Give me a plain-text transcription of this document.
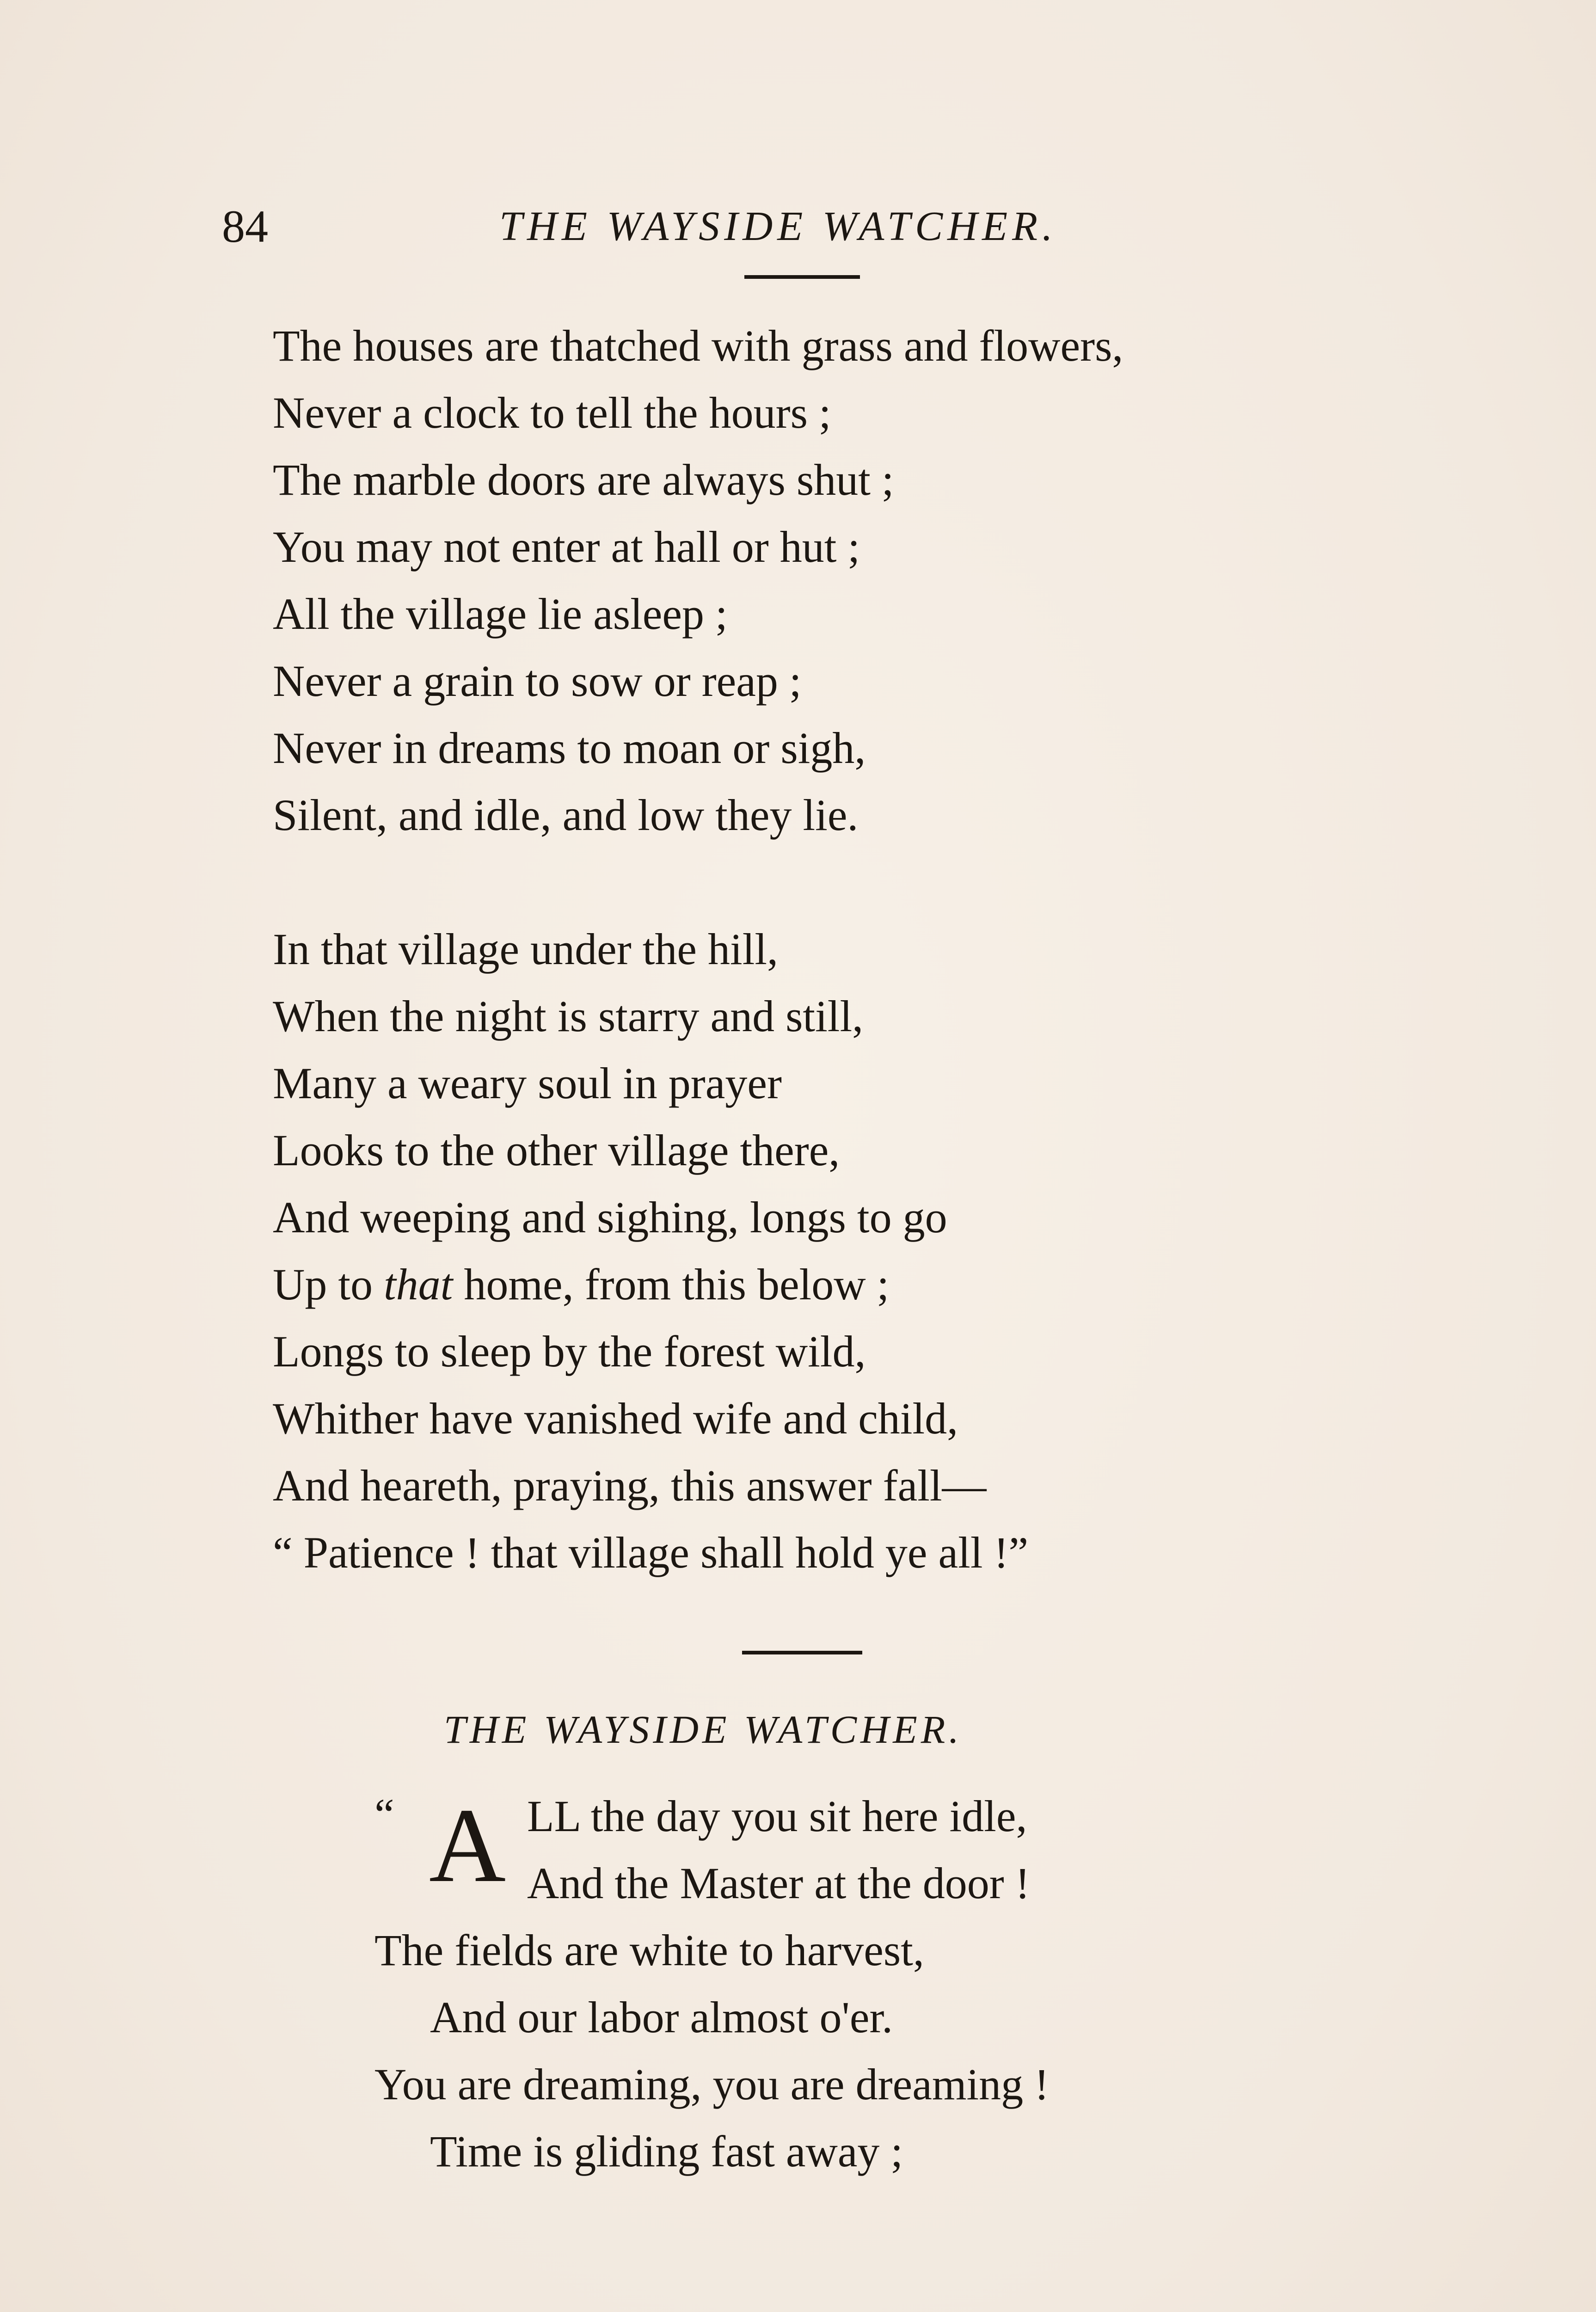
84	THE WAYSIDE WATCHER.
The houses are thatched with grass and flowers,
Never a clock to tell the hours ;
The marble doors are always shut ;
You may not enter at hall or hut ;
All the village lie asleep ;
Never a grain to sow or reap ;
Never in dreams to moan or sigh,
Silent, and idle, and low they lie.
In that village under the hill,
When the night is starry and still,
Many a weary soul in prayer
Looks to the other village there,
And weeping and sighing, longs to go
Up to that home, from this below ;
Longs to sleep by the forest wild,
Whither have vanished wife and child,
And heareth, praying, this answer fall—
“ Patience ! that village shall hold ye all !”
THE WAYSIDE WATCHER.
“ A LL the day you sit here idle,
And the Master at the door !
The fields are white to harvest,
And our labor almost o'er.
You are dreaming, you are dreaming !
Time is gliding fast away ;
